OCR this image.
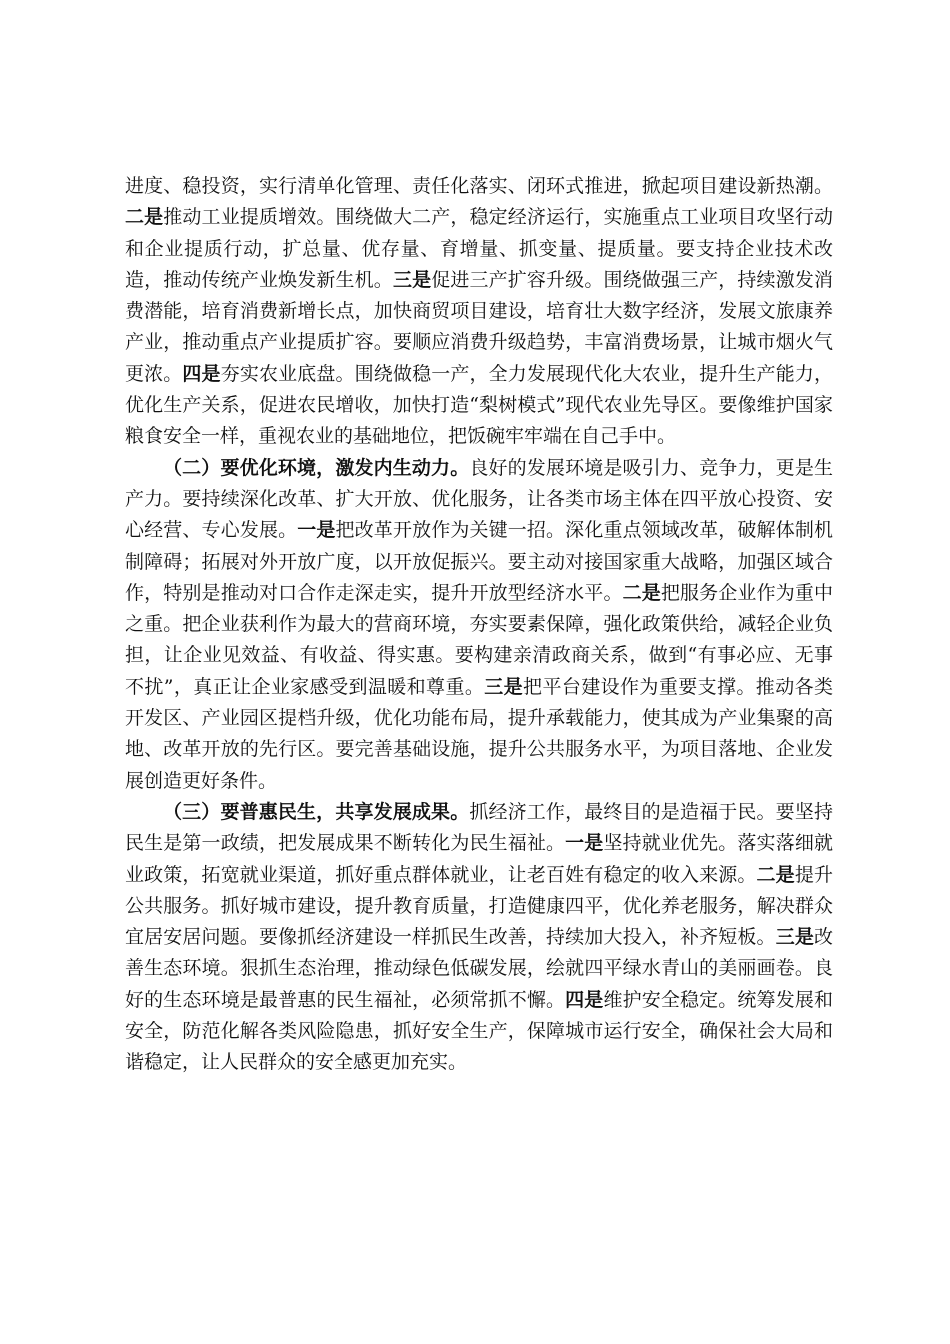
进度、稳投资，实行清单化管理、责任化落实、闭环式推进，掀起项目建设新热潮。二是推动工业提质增效。围绕做大二产，稳定经济运行，实施重点工业项目攻坚行动和企业提质行动，扩总量、优存量、育增量、抓变量、提质量。要支持企业技术改造，推动传统产业焕发新生机。三是促进三产扩容升级。围绕做强三产，持续激发消费潜能，培育消费新增长点，加快商贸项目建设，培育壮大数字经济，发展文旅康养产业，推动重点产业提质扩容。要顺应消费升级趋势，丰富消费场景，让城市烟火气更浓。四是夯实农业底盘。围绕做稳一产，全力发展现代化大农业，提升生产能力，优化生产关系，促进农民增收，加快打造“梨树模式”现代农业先导区。要像维护国家粮食安全一样，重视农业的基础地位，把饭碗牢牢端在自己手中。

（二）要优化环境，激发内生动力。良好的发展环境是吸引力、竞争力，更是生产力。要持续深化改革、扩大开放、优化服务，让各类市场主体在四平放心投资、安心经营、专心发展。一是把改革开放作为关键一招。深化重点领域改革，破解体制机制障碍；拓展对外开放广度，以开放促振兴。要主动对接国家重大战略，加强区域合作，特别是推动对口合作走深走实，提升开放型经济水平。二是把服务企业作为重中之重。把企业获利作为最大的营商环境，夯实要素保障，强化政策供给，减轻企业负担，让企业见效益、有收益、得实惠。要构建亲清政商关系，做到“有事必应、无事不扰”，真正让企业家感受到温暖和尊重。三是把平台建设作为重要支撑。推动各类开发区、产业园区提档升级，优化功能布局，提升承载能力，使其成为产业集聚的高地、改革开放的先行区。要完善基础设施，提升公共服务水平，为项目落地、企业发展创造更好条件。

（三）要普惠民生，共享发展成果。抓经济工作，最终目的是造福于民。要坚持民生是第一政绩，把发展成果不断转化为民生福祉。一是坚持就业优先。落实落细就业政策，拓宽就业渠道，抓好重点群体就业，让老百姓有稳定的收入来源。二是提升公共服务。抓好城市建设，提升教育质量，打造健康四平，优化养老服务，解决群众宜居安居问题。要像抓经济建设一样抓民生改善，持续加大投入，补齐短板。三是改善生态环境。狠抓生态治理，推动绿色低碳发展，绘就四平绿水青山的美丽画卷。良好的生态环境是最普惠的民生福祉，必须常抓不懈。四是维护安全稳定。统筹发展和安全，防范化解各类风险隐患，抓好安全生产，保障城市运行安全，确保社会大局和谐稳定，让人民群众的安全感更加充实。
